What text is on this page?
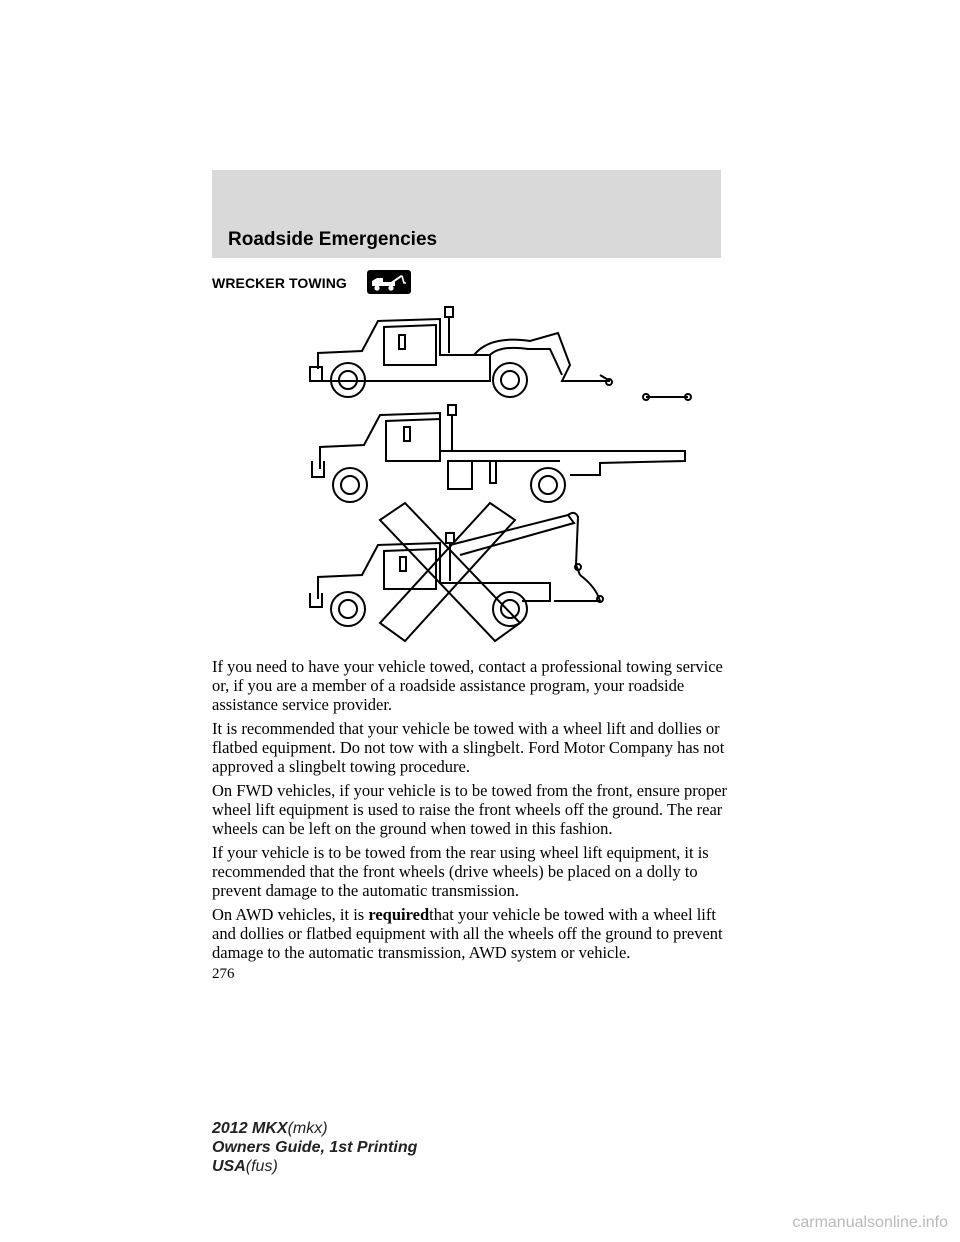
Roadside Emergencies
WRECKER TOWING

If you need to have your vehicle towed, contact a professional towing service or, if you are a member of a roadside assistance program, your roadside assistance service provider.

It is recommended that your vehicle be towed with a wheel lift and dollies or flatbed equipment. Do not tow with a slingbelt. Ford Motor Company has not approved a slingbelt towing procedure.

On FWD vehicles, if your vehicle is to be towed from the front, ensure proper wheel lift equipment is used to raise the front wheels off the ground. The rear wheels can be left on the ground when towed in this fashion.

If your vehicle is to be towed from the rear using wheel lift equipment, it is recommended that the front wheels (drive wheels) be placed on a dolly to prevent damage to the automatic transmission.

On AWD vehicles, it is requiredthat your vehicle be towed with a wheel lift and dollies or flatbed equipment with all the wheels off the ground to prevent damage to the automatic transmission, AWD system or vehicle.

276
2012 MKX(mkx)
Owners Guide, 1st Printing
USA(fus)
carmanualsonline.info
